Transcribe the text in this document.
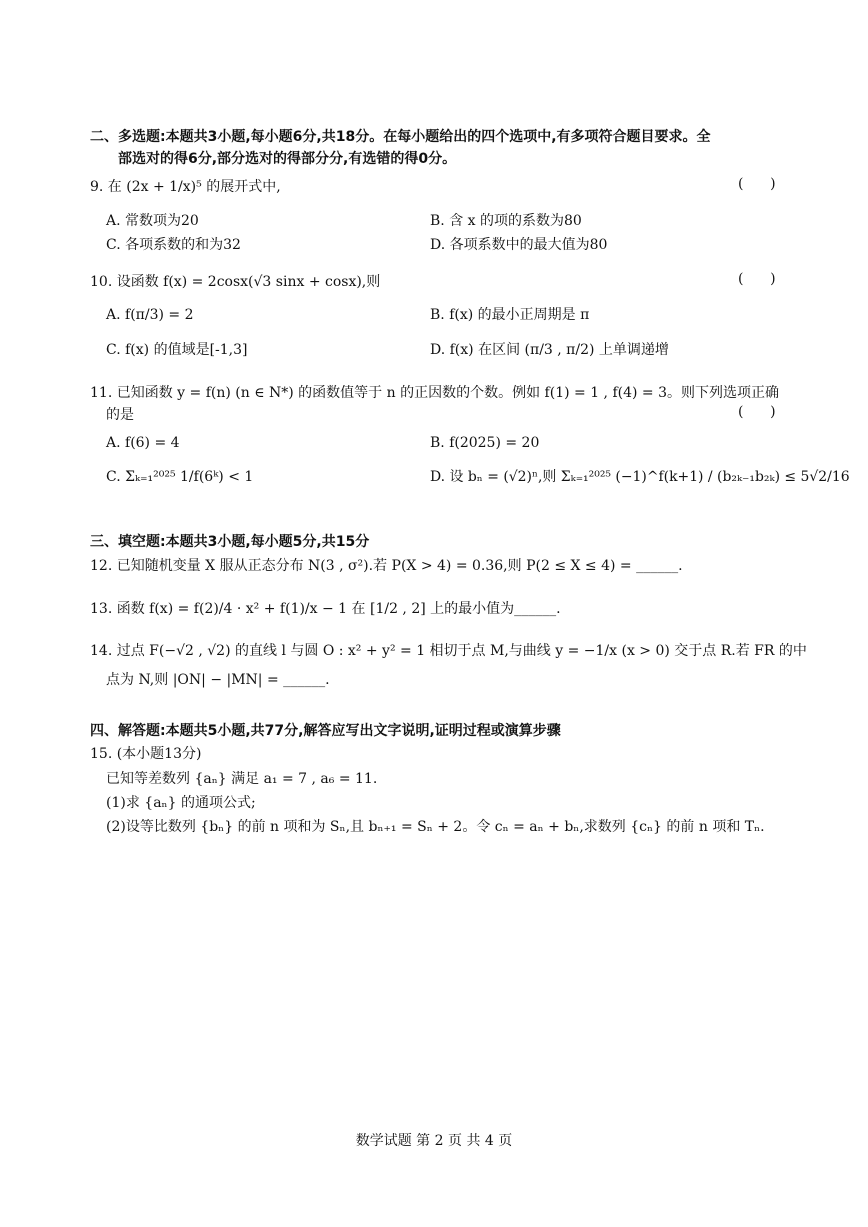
二、多选题:本题共3小题,每小题6分,共18分。在每小题给出的四个选项中,有多项符合题目要求。全
部选对的得6分,部分选对的得部分分,有选错的得0分。
9. 在 (2x + 1/x)⁵ 的展开式中,	(      )
A. 常数项为20	B. 含 x 的项的系数为80
C. 各项系数的和为32	D. 各项系数中的最大值为80
10. 设函数 f(x) = 2cosx(√3 sinx + cosx),则	(      )
A. f(π/3) = 2	B. f(x) 的最小正周期是 π
C. f(x) 的值域是[-1,3]	D. f(x) 在区间 (π/3 , π/2) 上单调递增
11. 已知函数 y = f(n) (n ∈ N*) 的函数值等于 n 的正因数的个数。例如 f(1) = 1 , f(4) = 3。则下列选项正确
的是	(      )
A. f(6) = 4	B. f(2025) = 20
C. Σₖ₌₁²⁰²⁵ 1/f(6ᵏ) < 1	D. 设 bₙ = (√2)ⁿ,则 Σₖ₌₁²⁰²⁵ (−1)^f(k+1) / (b₂ₖ₋₁b₂ₖ) ≤ 5√2/16
三、填空题:本题共3小题,每小题5分,共15分
12. 已知随机变量 X 服从正态分布 N(3 , σ²).若 P(X > 4) = 0.36,则 P(2 ≤ X ≤ 4) = ______.
13. 函数 f(x) = f(2)/4 · x² + f(1)/x − 1 在 [1/2 , 2] 上的最小值为______.
14. 过点 F(−√2 , √2) 的直线 l 与圆 O : x² + y² = 1 相切于点 M,与曲线 y = −1/x (x > 0) 交于点 R.若 FR 的中
点为 N,则 |ON| − |MN| = ______.
四、解答题:本题共5小题,共77分,解答应写出文字说明,证明过程或演算步骤
15. (本小题13分)
已知等差数列 {aₙ} 满足 a₁ = 7 , a₆ = 11.
(1)求 {aₙ} 的通项公式;
(2)设等比数列 {bₙ} 的前 n 项和为 Sₙ,且 bₙ₊₁ = Sₙ + 2。令 cₙ = aₙ + bₙ,求数列 {cₙ} 的前 n 项和 Tₙ.
数学试题 第 2 页 共 4 页
